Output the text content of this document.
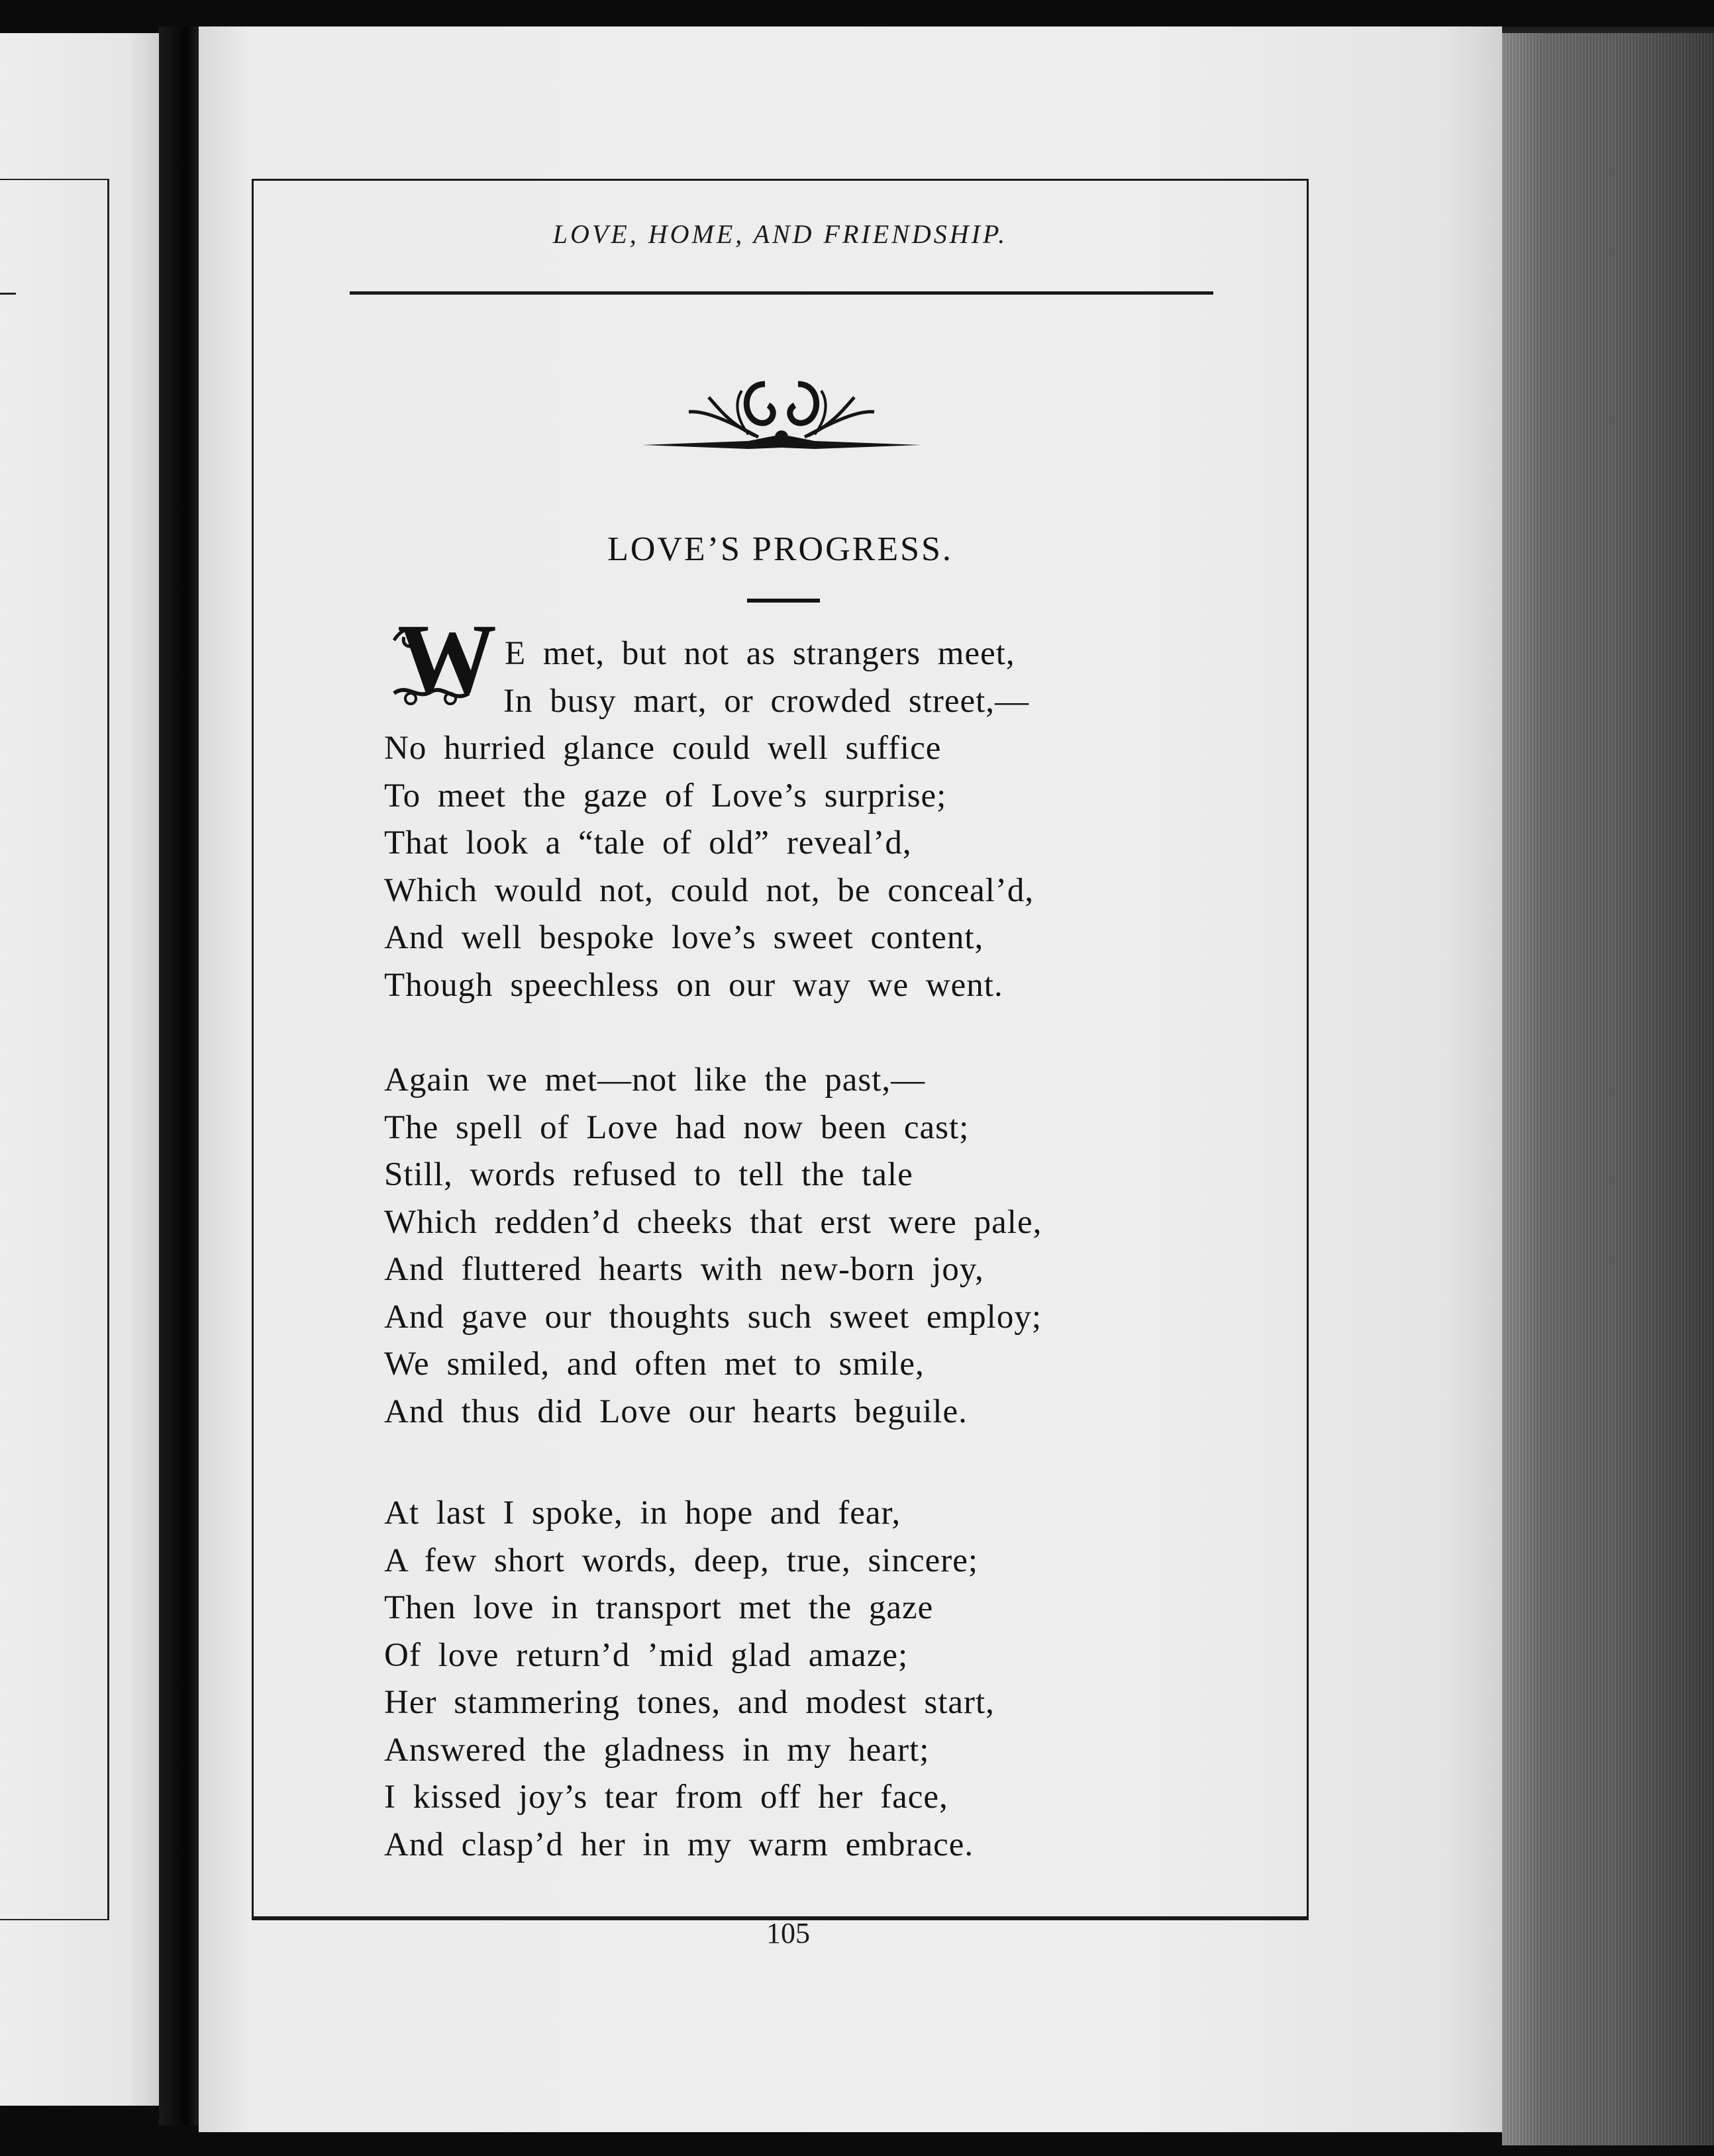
LOVE, HOME, AND FRIENDSHIP.
LOVE’S PROGRESS.
W E met, but not as strangers meet,
In busy mart, or crowded street,—
No hurried glance could well suffice
To meet the gaze of Love’s surprise;
That look a “tale of old” reveal’d,
Which would not, could not, be conceal’d,
And well bespoke love’s sweet content,
Though speechless on our way we went.
Again we met—not like the past,—
The spell of Love had now been cast;
Still, words refused to tell the tale
Which redden’d cheeks that erst were pale,
And fluttered hearts with new-born joy,
And gave our thoughts such sweet employ;
We smiled, and often met to smile,
And thus did Love our hearts beguile.
At last I spoke, in hope and fear,
A few short words, deep, true, sincere;
Then love in transport met the gaze
Of love return’d ’mid glad amaze;
Her stammering tones, and modest start,
Answered the gladness in my heart;
I kissed joy’s tear from off her face,
And clasp’d her in my warm embrace.
105
